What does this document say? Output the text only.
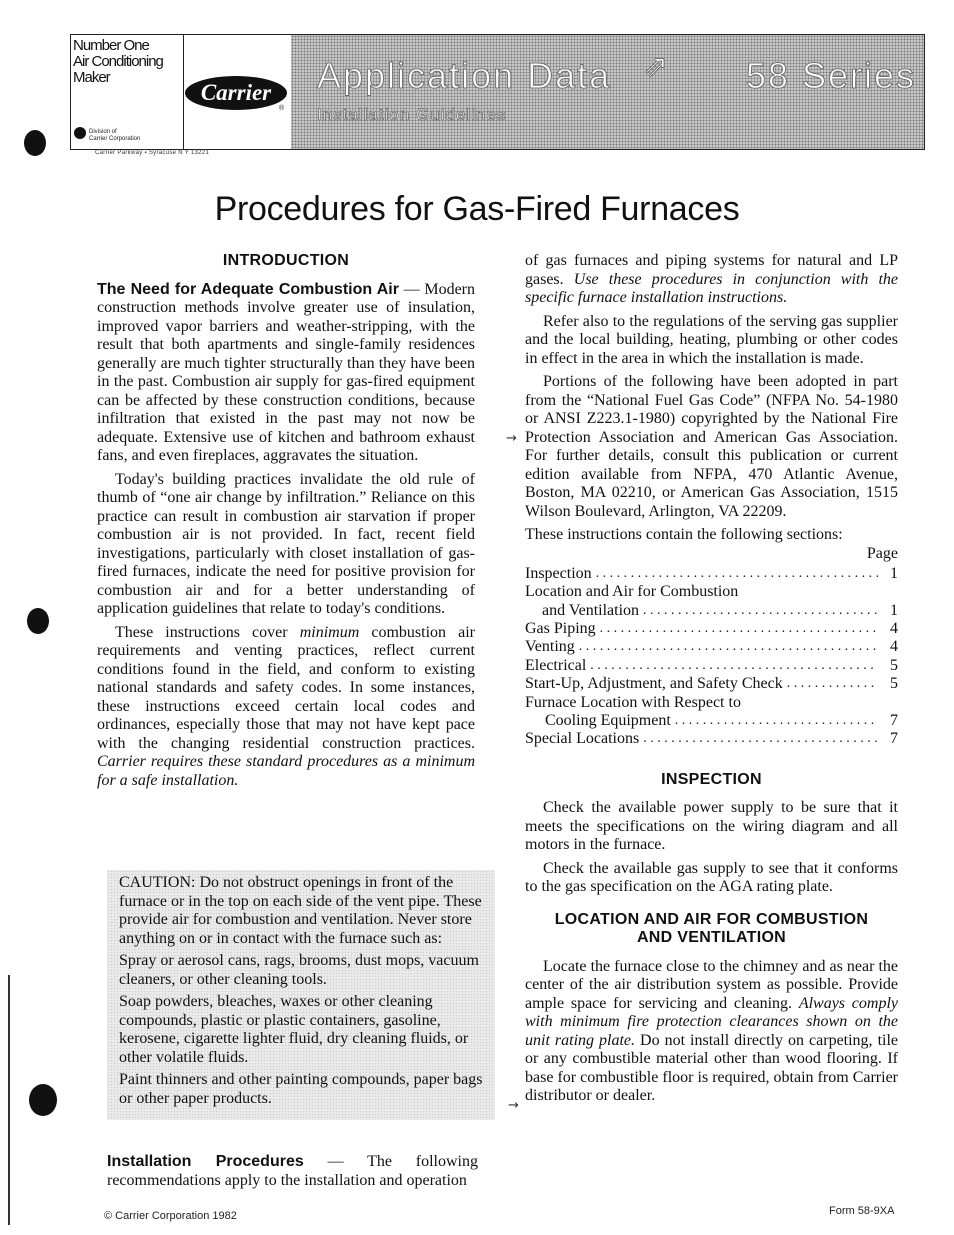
Number One
Air Conditioning
Maker
Division of
Carrier Corporation
Carrier
®
Application Data ⇗ 58 Series
Installation Guidelines
Carrier Parkway ▪ Syracuse N Y 13221
Procedures for Gas-Fired Furnaces
INTRODUCTION

The Need for Adequate Combustion Air — Modern construction methods involve greater use of insulation, improved vapor barriers and weather-stripping, with the result that both apartments and single-family residences generally are much tighter structurally than they have been in the past. Combustion air supply for gas-fired equipment can be affected by these construction conditions, because infiltration that existed in the past may not now be adequate. Extensive use of kitchen and bathroom exhaust fans, and even fireplaces, aggravates the situation.

Today's building practices invalidate the old rule of thumb of “one air change by infiltration.” Reliance on this practice can result in combustion air starvation if proper combustion air is not provided. In fact, recent field investigations, particularly with closet installation of gas-fired furnaces, indicate the need for positive provision for combustion air and for a better understanding of application guidelines that relate to today's conditions.

These instructions cover minimum combustion air requirements and venting practices, reflect current conditions found in the field, and conform to existing national standards and safety codes. In some instances, these instructions exceed certain local codes and ordinances, especially those that may not have kept pace with the changing residential construction practices. Carrier requires these standard procedures as a minimum for a safe installation.

CAUTION: Do not obstruct openings in front of the furnace or in the top on each side of the vent pipe. These provide air for combustion and ventilation. Never store anything on or in contact with the furnace such as:

Spray or aerosol cans, rags, brooms, dust mops, vacuum cleaners, or other cleaning tools.

Soap powders, bleaches, waxes or other cleaning compounds, plastic or plastic containers, gasoline, kerosene, cigarette lighter fluid, dry cleaning fluids, or other volatile fluids.

Paint thinners and other painting compounds, paper bags or other paper products.

Installation Procedures — The following recommendations apply to the installation and operation

of gas furnaces and piping systems for natural and LP gases. Use these procedures in conjunction with the specific furnace installation instructions.

Refer also to the regulations of the serving gas supplier and the local building, heating, plumbing or other codes in effect in the area in which the installation is made.

Portions of the following have been adopted in part from the “National Fuel Gas Code” (NFPA No. 54-1980 or ANSI Z223.1-1980) copyrighted by the National Fire Protection Association and American Gas Association. For further details, consult this publication or current edition available from NFPA, 470 Atlantic Avenue, Boston, MA 02210, or American Gas Association, 1515 Wilson Boulevard, Arlington, VA 22209.

These instructions contain the following sections:

Page
Inspection . . .	1
Location and Air for Combustion
and Ventilation . . .	1
Gas Piping . . .	4
Venting . . .	4
Electrical . . .	5
Start-Up, Adjustment, and Safety Check . . .	5
Furnace Location with Respect to
Cooling Equipment . . .	7
Special Locations . . .	7
INSPECTION

Check the available power supply to be sure that it meets the specifications on the wiring diagram and all motors in the furnace.

Check the available gas supply to see that it conforms to the gas specification on the AGA rating plate.

LOCATION AND AIR FOR COMBUSTION
AND VENTILATION

Locate the furnace close to the chimney and as near the center of the air distribution system as possible. Provide ample space for servicing and cleaning. Always comply with minimum fire protection clearances shown on the unit rating plate. Do not install directly on carpeting, tile or any combustible material other than wood flooring. If base for combustible floor is required, obtain from Carrier distributor or dealer.

→
→
© Carrier Corporation 1982	Form 58-9XA
